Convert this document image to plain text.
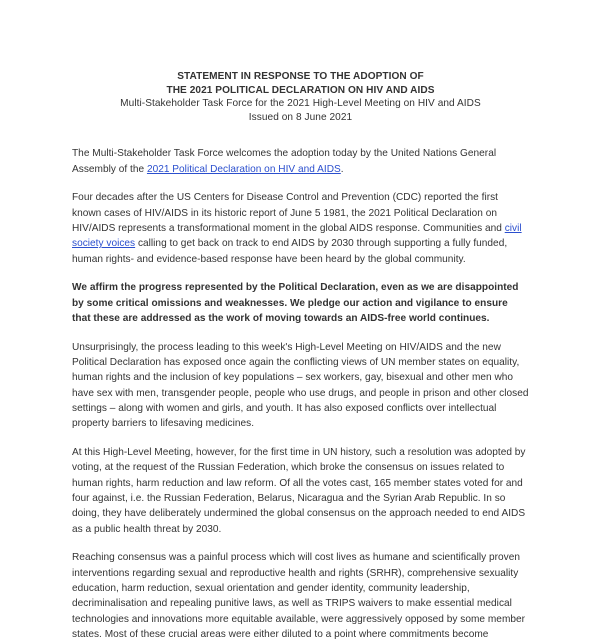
STATEMENT IN RESPONSE TO THE ADOPTION OF
THE 2021 POLITICAL DECLARATION ON HIV AND AIDS
Multi-Stakeholder Task Force for the 2021 High-Level Meeting on HIV and AIDS
Issued on 8 June 2021

The Multi-Stakeholder Task Force welcomes the adoption today by the United Nations General Assembly of the 2021 Political Declaration on HIV and AIDS.

Four decades after the US Centers for Disease Control and Prevention (CDC) reported the first known cases of HIV/AIDS in its historic report of June 5 1981, the 2021 Political Declaration on HIV/AIDS represents a transformational moment in the global AIDS response. Communities and civil society voices calling to get back on track to end AIDS by 2030 through supporting a fully funded, human rights- and evidence-based response have been heard by the global community.

We affirm the progress represented by the Political Declaration, even as we are disappointed by some critical omissions and weaknesses. We pledge our action and vigilance to ensure that these are addressed as the work of moving towards an AIDS-free world continues.

Unsurprisingly, the process leading to this week's High-Level Meeting on HIV/AIDS and the new Political Declaration has exposed once again the conflicting views of UN member states on equality, human rights and the inclusion of key populations – sex workers, gay, bisexual and other men who have sex with men, transgender people, people who use drugs, and people in prison and other closed settings – along with women and girls, and youth. It has also exposed conflicts over intellectual property barriers to lifesaving medicines.

At this High-Level Meeting, however, for the first time in UN history, such a resolution was adopted by voting, at the request of the Russian Federation, which broke the consensus on issues related to human rights, harm reduction and law reform. Of all the votes cast, 165 member states voted for and four against, i.e. the Russian Federation, Belarus, Nicaragua and the Syrian Arab Republic. In so doing, they have deliberately undermined the global consensus on the approach needed to end AIDS as a public health threat by 2030.

Reaching consensus was a painful process which will cost lives as humane and scientifically proven interventions regarding sexual and reproductive health and rights (SRHR), comprehensive sexuality education, harm reduction, sexual orientation and gender identity, community leadership, decriminalisation and repealing punitive laws, as well as TRIPS waivers to make essential medical technologies and innovations more equitable available, were aggressively opposed by some member states. Most of these crucial areas were either diluted to a point where commitments become
